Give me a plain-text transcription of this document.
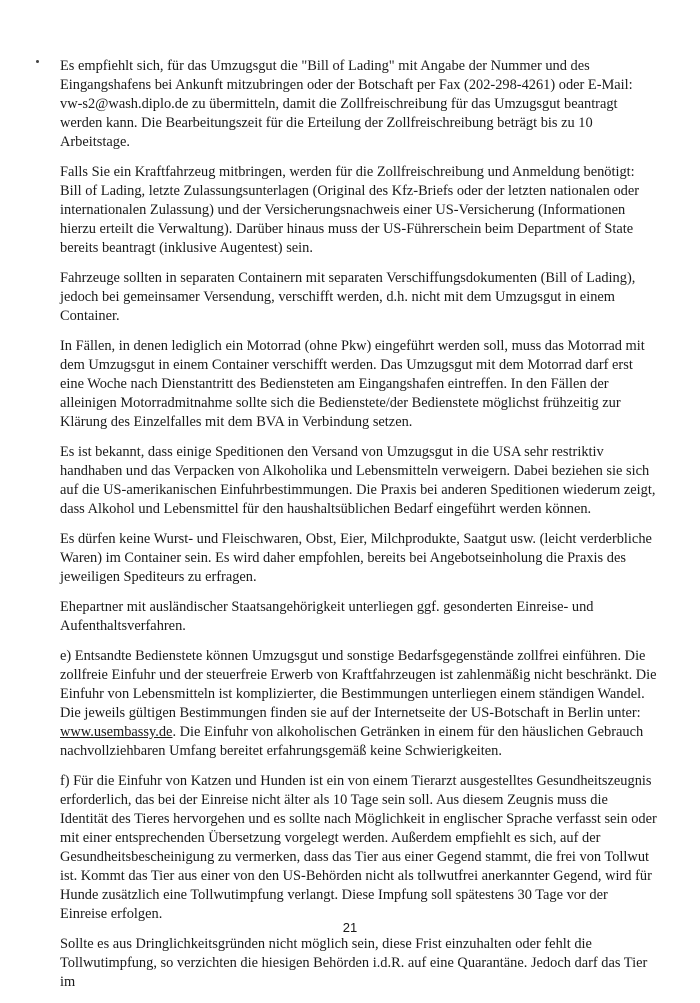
Es empfiehlt sich, für das Umzugsgut die "Bill of Lading" mit Angabe der Nummer und des Eingangshafens bei Ankunft mitzubringen oder der Botschaft per Fax (202-298-4261) oder E-Mail: vw-s2@wash.diplo.de zu übermitteln, damit die Zollfreischreibung für das Umzugsgut beantragt werden kann. Die Bearbeitungszeit für die Erteilung der Zollfreischreibung beträgt bis zu 10 Arbeitstage.

Falls Sie ein Kraftfahrzeug mitbringen, werden für die Zollfreischreibung und Anmeldung benötigt: Bill of Lading, letzte Zulassungsunterlagen (Original des Kfz-Briefs oder der letzten nationalen oder internationalen Zulassung) und der Versicherungsnachweis einer US-Versicherung (Informationen hierzu erteilt die Verwaltung). Darüber hinaus muss der US-Führerschein beim Department of State bereits beantragt (inklusive Augentest) sein.

Fahrzeuge sollten in separaten Containern mit separaten Verschiffungsdokumenten (Bill of Lading), jedoch bei gemeinsamer Versendung, verschifft werden, d.h. nicht mit dem Umzugsgut in einem Container.

In Fällen, in denen lediglich ein Motorrad (ohne Pkw) eingeführt werden soll, muss das Motorrad mit dem Umzugsgut in einem Container verschifft werden. Das Umzugsgut mit dem Motorrad darf erst eine Woche nach Dienstantritt des Bediensteten am Eingangshafen eintreffen. In den Fällen der alleinigen Motorradmitnahme sollte sich die Bedienstete/der Bedienstete möglichst frühzeitig zur Klärung des Einzelfalles mit dem BVA in Verbindung setzen.

Es ist bekannt, dass einige Speditionen den Versand von Umzugsgut in die USA sehr restriktiv handhaben und das Verpacken von Alkoholika und Lebensmitteln verweigern. Dabei beziehen sie sich auf die US-amerikanischen Einfuhrbestimmungen. Die Praxis bei anderen Speditionen wiederum zeigt, dass Alkohol und Lebensmittel für den haushaltsüblichen Bedarf eingeführt werden können.

Es dürfen keine Wurst- und Fleischwaren, Obst, Eier, Milchprodukte, Saatgut usw. (leicht verderbliche Waren) im Container sein. Es wird daher empfohlen, bereits bei Angebotseinholung die Praxis des jeweiligen Spediteurs zu erfragen.

Ehepartner mit ausländischer Staatsangehörigkeit unterliegen ggf. gesonderten Einreise- und Aufenthaltsverfahren.

e) Entsandte Bedienstete können Umzugsgut und sonstige Bedarfsgegenstände zollfrei einführen. Die zollfreie Einfuhr und der steuerfreie Erwerb von Kraftfahrzeugen ist zahlenmäßig nicht beschränkt. Die Einfuhr von Lebensmitteln ist komplizierter, die Bestimmungen unterliegen einem ständigen Wandel. Die jeweils gültigen Bestimmungen finden sie auf der Internetseite der US-Botschaft in Berlin unter: www.usembassy.de. Die Einfuhr von alkoholischen Getränken in einem für den häuslichen Gebrauch nachvollziehbaren Umfang bereitet erfahrungsgemäß keine Schwierigkeiten.

f) Für die Einfuhr von Katzen und Hunden ist ein von einem Tierarzt ausgestelltes Gesundheitszeugnis erforderlich, das bei der Einreise nicht älter als 10 Tage sein soll. Aus diesem Zeugnis muss die Identität des Tieres hervorgehen und es sollte nach Möglichkeit in englischer Sprache verfasst sein oder mit einer entsprechenden Übersetzung vorgelegt werden. Außerdem empfiehlt es sich, auf der Gesundheitsbescheinigung zu vermerken, dass das Tier aus einer Gegend stammt, die frei von Tollwut ist. Kommt das Tier aus einer von den US-Behörden nicht als tollwutfrei anerkannter Gegend, wird für Hunde zusätzlich eine Tollwutimpfung verlangt. Diese Impfung soll spätestens 30 Tage vor der Einreise erfolgen.

Sollte es aus Dringlichkeitsgründen nicht möglich sein, diese Frist einzuhalten oder fehlt die Tollwutimpfung, so verzichten die hiesigen Behörden i.d.R. auf eine Quarantäne. Jedoch darf das Tier im

21
